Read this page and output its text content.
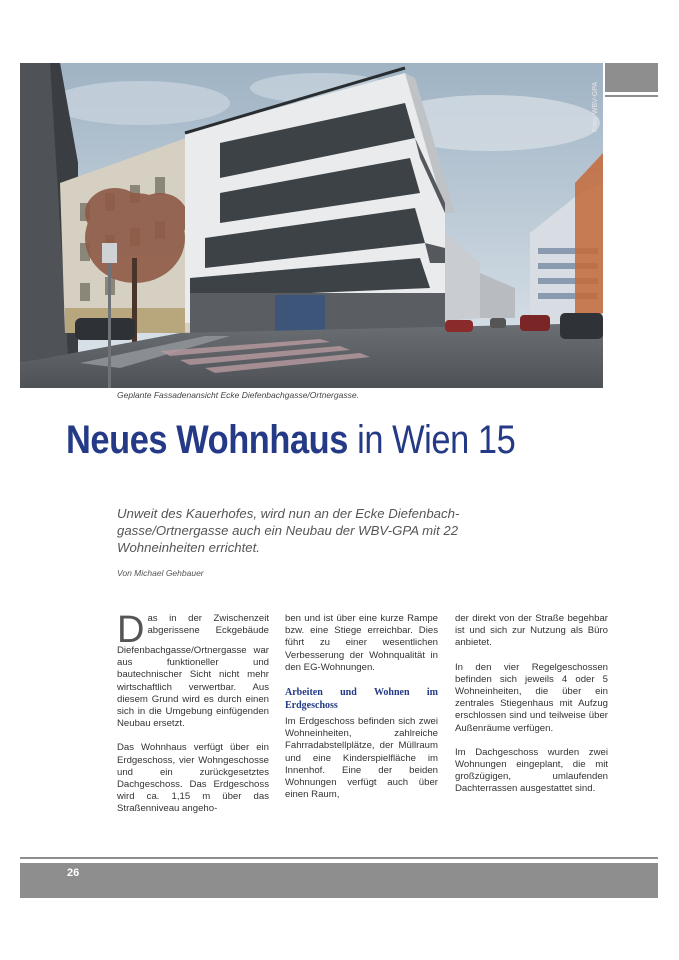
Foto: WBV-GPA
Geplante Fassadenansicht Ecke Diefenbachgasse/Ortnergasse.
Neues Wohnhaus in Wien 15

Unweit des Kauerhofes, wird nun an der Ecke Diefenbach-gasse/Ortnergasse auch ein Neubau der WBV-GPA mit 22 Wohneinheiten errichtet.

Von Michael Gehbauer

Das in der Zwischenzeit abgerissene Eckgebäude Diefenbachgasse/Ortnergasse war aus funktioneller und bautechnischer Sicht nicht mehr wirtschaftlich verwertbar. Aus diesem Grund wird es durch einen sich in die Umgebung einfügenden Neubau ersetzt.

Das Wohnhaus verfügt über ein Erdgeschoss, vier Wohngeschosse und ein zurückgesetztes Dachgeschoss. Das Erdgeschoss wird ca. 1,15 m über das Straßenniveau angeho-

ben und ist über eine kurze Rampe bzw. eine Stiege erreichbar. Dies führt zu einer wesentlichen Verbesserung der Wohnqualität in den EG-Wohnungen.

Arbeiten und Wohnen im Erdgeschoss

Im Erdgeschoss befinden sich zwei Wohneinheiten, zahlreiche Fahrradabstellplätze, der Müllraum und eine Kinderspielfläche im Innenhof. Eine der beiden Wohnungen verfügt auch über einen Raum,

der direkt von der Straße begehbar ist und sich zur Nutzung als Büro anbietet.

In den vier Regelgeschossen befinden sich jeweils 4 oder 5 Wohneinheiten, die über ein zentrales Stiegenhaus mit Aufzug erschlossen sind und teilweise über Außenräume verfügen.

Im Dachgeschoss wurden zwei Wohnungen eingeplant, die mit großzügigen, umlaufenden Dachterrassen ausgestattet sind.

26
